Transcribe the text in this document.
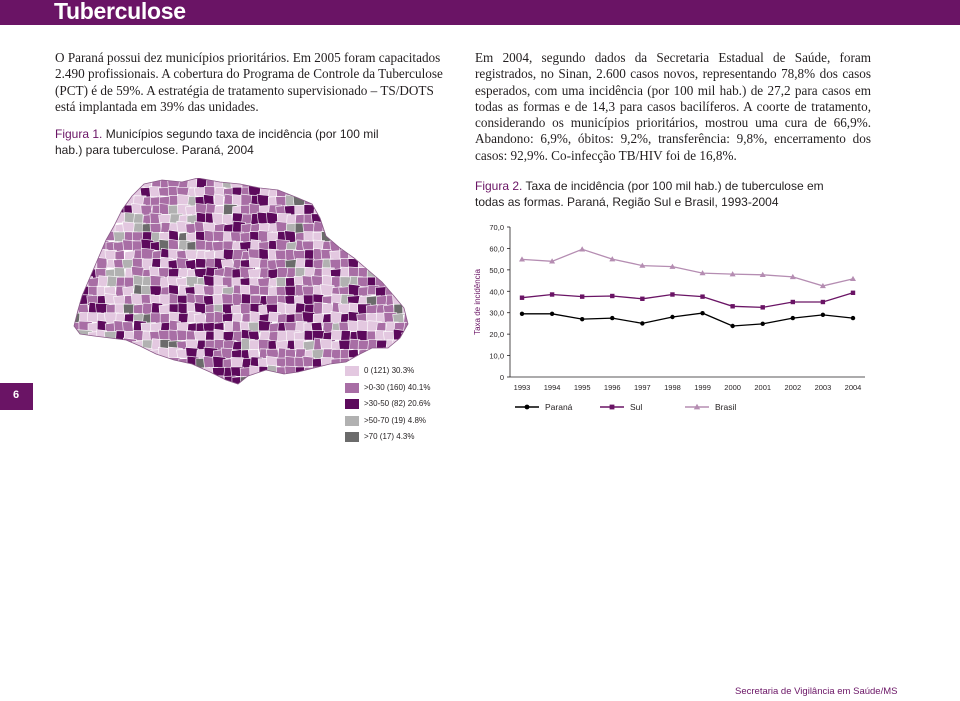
Tuberculose
6

O Paraná possui dez municípios prioritários. Em 2005 foram capacitados 2.490 profissionais. A cobertura do Programa de Controle da Tuberculose (PCT) é de 59%. A estratégia de tratamento supervisionado – TS/DOTS está implantada em 39% das unidades.

Figura 1. Municípios segundo taxa de incidência (por 100 mil hab.) para tuberculose. Paraná, 2004
0 (121) 30.3%
>0-30 (160) 40.1%
>30-50 (82) 20.6%
>50-70 (19) 4.8%
>70 (17) 4.3%

Em 2004, segundo dados da Secretaria Estadual de Saúde, foram registrados, no Sinan, 2.600 casos novos, representando 78,8% dos casos esperados, com uma incidência (por 100 mil hab.) de 27,2 para casos em todas as formas e de 14,3 para casos bacilíferos. A coorte de tratamento, considerando os municípios prioritários, mostrou uma cura de 66,9%. Abandono: 6,9%, óbitos: 9,2%, transferência: 9,8%, encerramento dos casos: 92,9%. Co-infecção TB/HIV foi de 16,8%.

Figura 2. Taxa de incidência (por 100 mil hab.) de tuberculose em todas as formas. Paraná, Região Sul e Brasil, 1993-2004
0
10,0
20,0
30,0
40,0
50,0
60,0
70,0
Taxa de incidência
1993 1994 1995 1996 1997 1998 1999 2000 2001 2002 2003 2004
Paraná	Sul	Brasil
Secretaria de Vigilância em Saúde/MS
